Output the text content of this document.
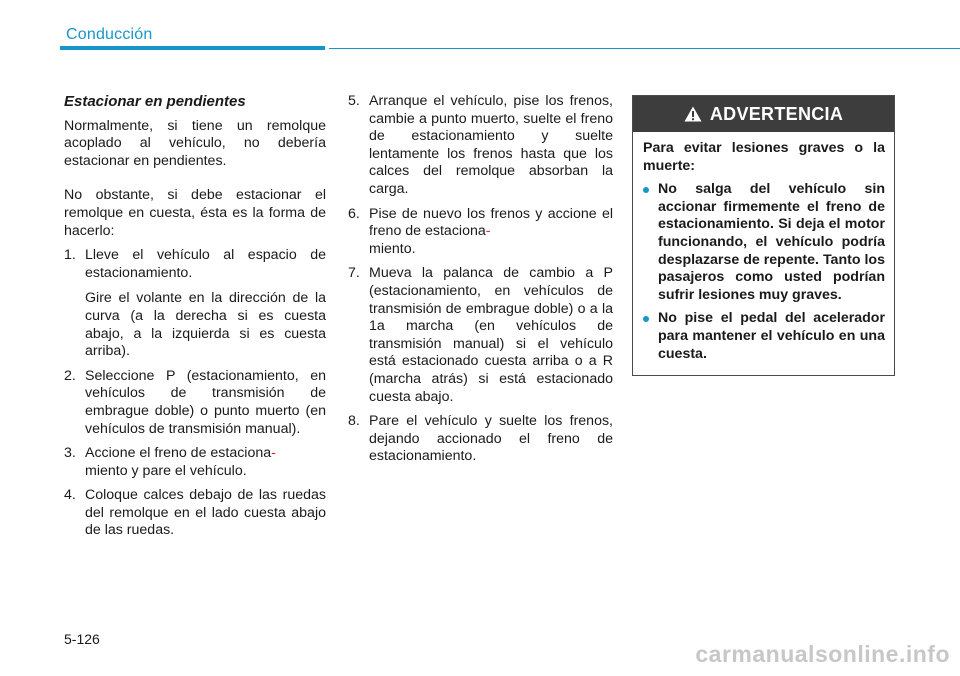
Conducción

Estacionar en pendientes

Normalmente, si tiene un remolque acoplado al vehículo, no debería estacionar en pendientes.

No obstante, si debe estacionar el remolque en cuesta, ésta es la forma de hacerlo:

1. Lleve el vehículo al espacio de estacionamiento.

Gire el volante en la dirección de la curva (a la derecha si es cuesta abajo, a la izquierda si es cuesta arriba).

2. Seleccione P (estacionamiento, en vehículos de transmisión de embrague doble) o punto muerto (en vehículos de transmisión manual).

3. Accione el freno de estaciona-
miento y pare el vehículo.

4. Coloque calces debajo de las ruedas del remolque en el lado cuesta abajo de las ruedas.

5. Arranque el vehículo, pise los frenos, cambie a punto muerto, suelte el freno de estacionamiento y suelte lentamente los frenos hasta que los calces del remolque absorban la carga.

6. Pise de nuevo los frenos y accione el freno de estaciona-
miento.

7. Mueva la palanca de cambio a P (estacionamiento, en vehículos de transmisión de embrague doble) o a la 1a marcha (en vehículos de transmisión manual) si el vehículo está estacionado cuesta arriba o a R (marcha atrás) si está estacionado cuesta abajo.

8. Pare el vehículo y suelte los frenos, dejando accionado el freno de estacionamiento.

ADVERTENCIA

Para evitar lesiones graves o la muerte:

No salga del vehículo sin accionar firmemente el freno de estacionamiento. Si deja el motor funcionando, el vehículo podría desplazarse de repente. Tanto los pasajeros como usted podrían sufrir lesiones muy graves.
No pise el pedal del acelerador para mantener el vehículo en una cuesta.
5-126
carmanualsonline.info
